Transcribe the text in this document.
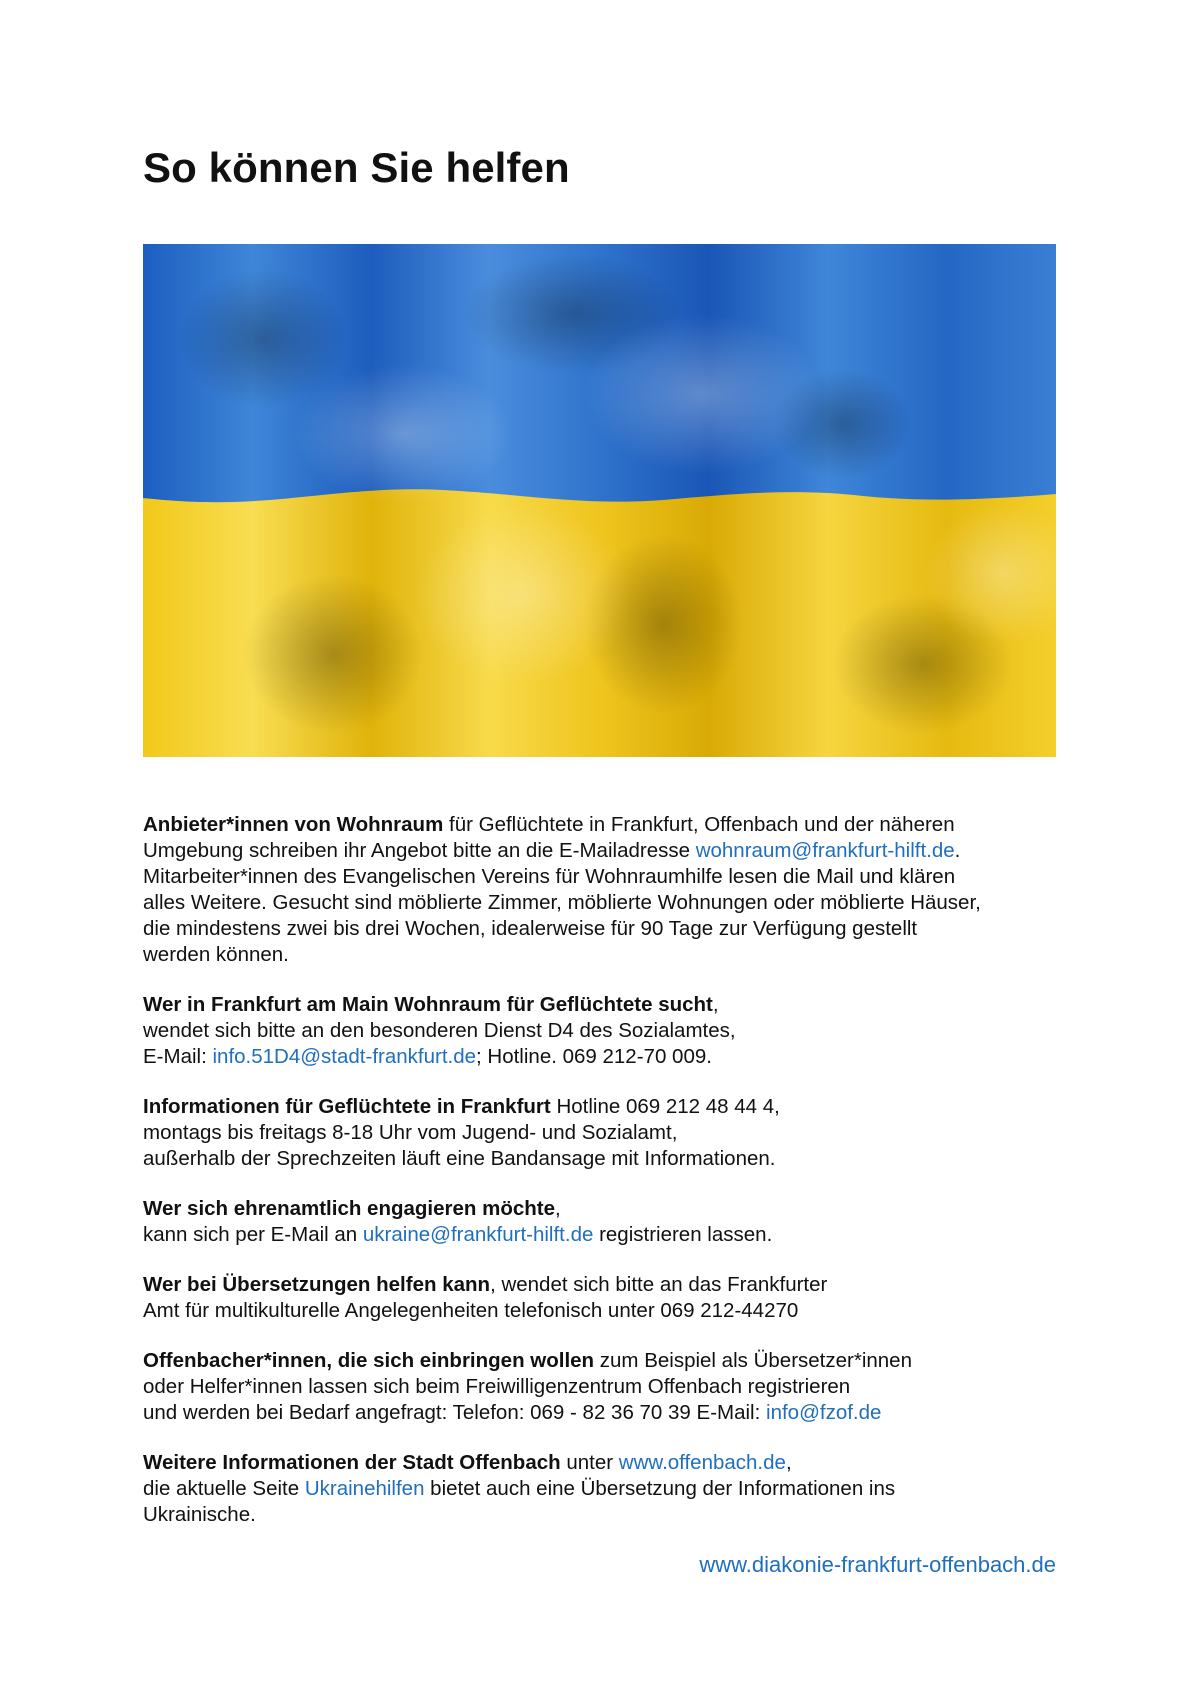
So können Sie helfen

Anbieter*innen von Wohnraum für Geflüchtete in Frankfurt, Offenbach und der näheren
Umgebung schreiben ihr Angebot bitte an die E-Mailadresse wohnraum@frankfurt-hilft.de.
Mitarbeiter*innen des Evangelischen Vereins für Wohnraumhilfe lesen die Mail und klären
alles Weitere. Gesucht sind möblierte Zimmer, möblierte Wohnungen oder möblierte Häuser,
die mindestens zwei bis drei Wochen, idealerweise für 90 Tage zur Verfügung gestellt
werden können.

Wer in Frankfurt am Main Wohnraum für Geflüchtete sucht,
wendet sich bitte an den besonderen Dienst D4 des Sozialamtes,
E-Mail: info.51D4@stadt-frankfurt.de; Hotline. 069 212-70 009.

Informationen für Geflüchtete in Frankfurt Hotline 069 212 48 44 4,
montags bis freitags 8-18 Uhr vom Jugend- und Sozialamt,
außerhalb der Sprechzeiten läuft eine Bandansage mit Informationen.

Wer sich ehrenamtlich engagieren möchte,
kann sich per E-Mail an ukraine@frankfurt-hilft.de registrieren lassen.

Wer bei Übersetzungen helfen kann, wendet sich bitte an das Frankfurter
Amt für multikulturelle Angelegenheiten telefonisch unter 069 212-44270

Offenbacher*innen, die sich einbringen wollen zum Beispiel als Übersetzer*innen
oder Helfer*innen lassen sich beim Freiwilligenzentrum Offenbach registrieren
und werden bei Bedarf angefragt: Telefon: 069 - 82 36 70 39 E-Mail: info@fzof.de

Weitere Informationen der Stadt Offenbach unter www.offenbach.de,
die aktuelle Seite Ukrainehilfen bietet auch eine Übersetzung der Informationen ins
Ukrainische.

www.diakonie-frankfurt-offenbach.de
